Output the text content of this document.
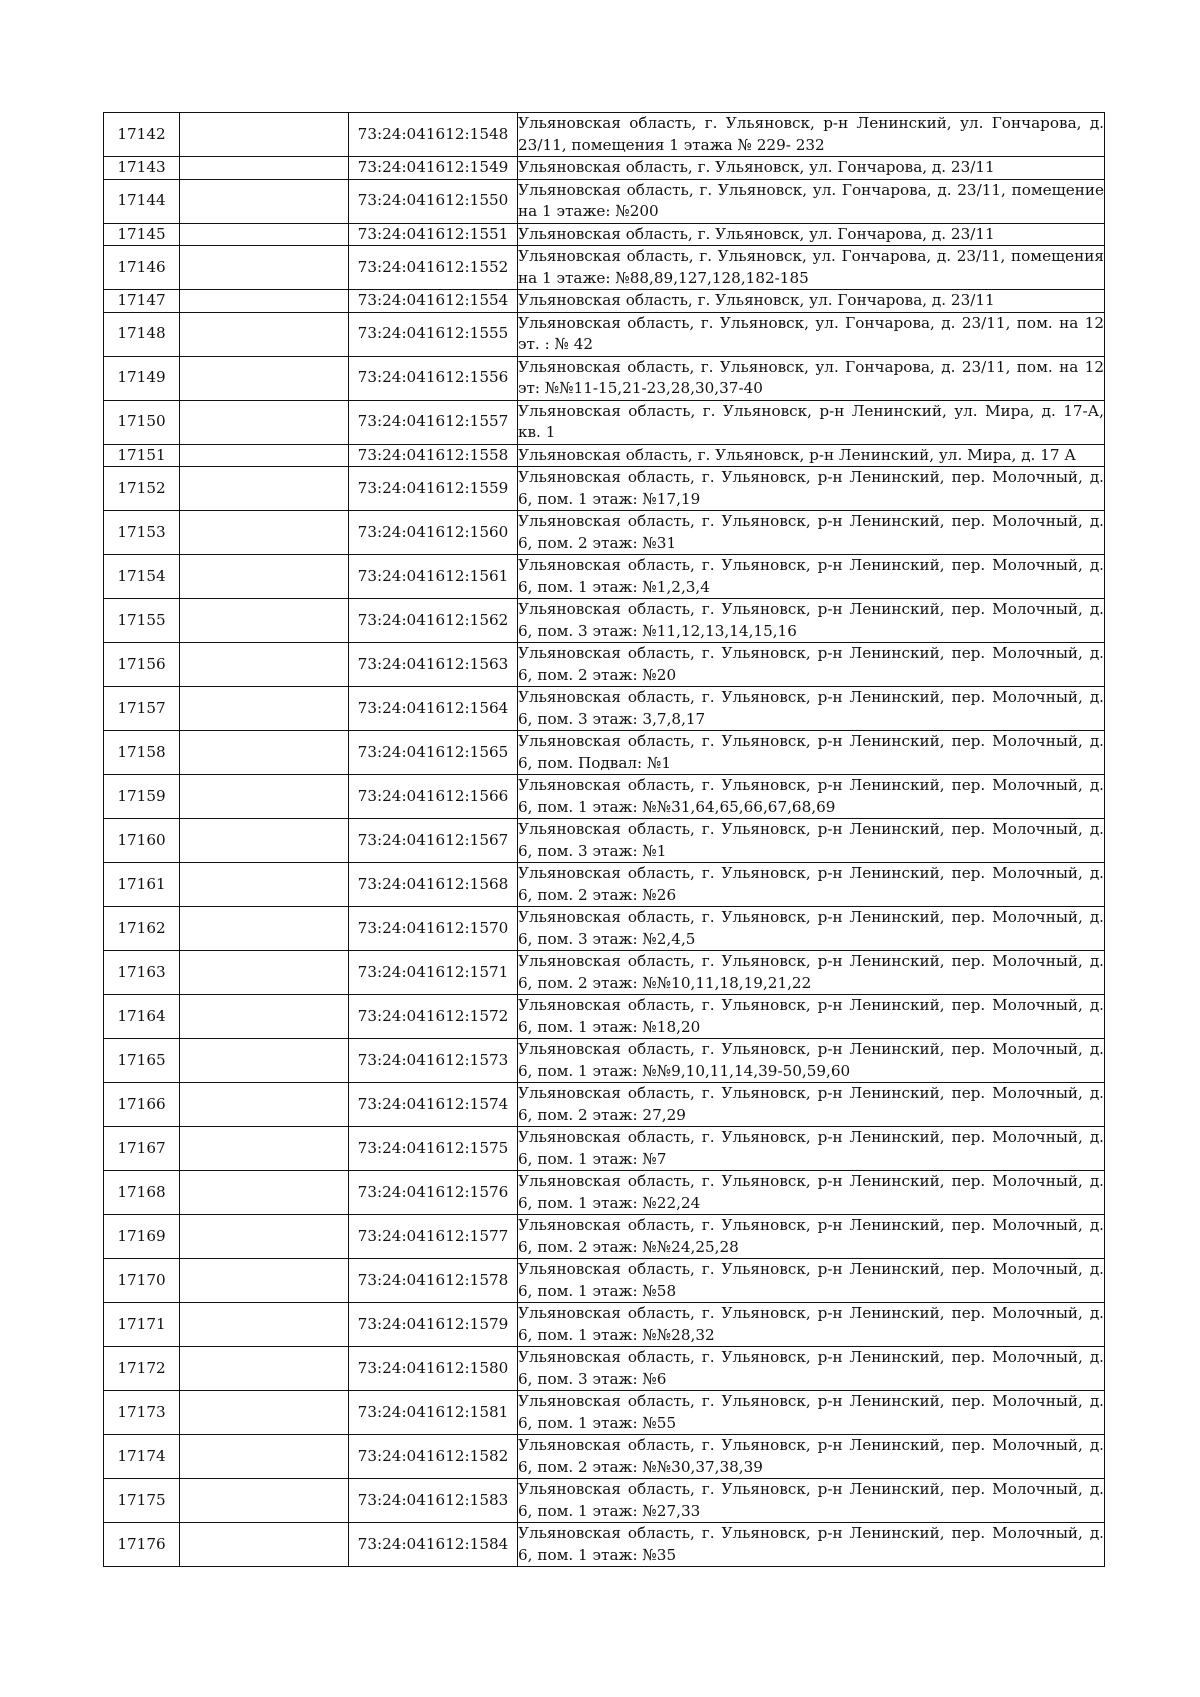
17142		73:24:041612:1548	Ульяновская область, г. Ульяновск, р-н Ленинский, ул. Гончарова, д. 23/11, помещения 1 этажа № 229- 232
17143		73:24:041612:1549	Ульяновская область, г. Ульяновск, ул. Гончарова, д. 23/11
17144		73:24:041612:1550	Ульяновская область, г. Ульяновск, ул. Гончарова, д. 23/11, помещение на 1 этаже: №200
17145		73:24:041612:1551	Ульяновская область, г. Ульяновск, ул. Гончарова, д. 23/11
17146		73:24:041612:1552	Ульяновская область, г. Ульяновск, ул. Гончарова, д. 23/11, помещения на 1 этаже: №88,89,127,128,182-185
17147		73:24:041612:1554	Ульяновская область, г. Ульяновск, ул. Гончарова, д. 23/11
17148		73:24:041612:1555	Ульяновская область, г. Ульяновск, ул. Гончарова, д. 23/11, пом. на 12 эт. : № 42
17149		73:24:041612:1556	Ульяновская область, г. Ульяновск, ул. Гончарова, д. 23/11, пом. на 12 эт: №№11-15,21-23,28,30,37-40
17150		73:24:041612:1557	Ульяновская область, г. Ульяновск, р-н Ленинский, ул. Мира, д. 17-А, кв. 1
17151		73:24:041612:1558	Ульяновская область, г. Ульяновск, р-н Ленинский, ул. Мира, д. 17 А
17152		73:24:041612:1559	Ульяновская область, г. Ульяновск, р-н Ленинский, пер. Молочный, д. 6, пом. 1 этаж: №17,19
17153		73:24:041612:1560	Ульяновская область, г. Ульяновск, р-н Ленинский, пер. Молочный, д. 6, пом. 2 этаж: №31
17154		73:24:041612:1561	Ульяновская область, г. Ульяновск, р-н Ленинский, пер. Молочный, д. 6, пом. 1 этаж: №1,2,3,4
17155		73:24:041612:1562	Ульяновская область, г. Ульяновск, р-н Ленинский, пер. Молочный, д. 6, пом. 3 этаж: №11,12,13,14,15,16
17156		73:24:041612:1563	Ульяновская область, г. Ульяновск, р-н Ленинский, пер. Молочный, д. 6, пом. 2 этаж: №20
17157		73:24:041612:1564	Ульяновская область, г. Ульяновск, р-н Ленинский, пер. Молочный, д. 6, пом. 3 этаж: 3,7,8,17
17158		73:24:041612:1565	Ульяновская область, г. Ульяновск, р-н Ленинский, пер. Молочный, д. 6, пом. Подвал: №1
17159		73:24:041612:1566	Ульяновская область, г. Ульяновск, р-н Ленинский, пер. Молочный, д. 6, пом. 1 этаж: №№31,64,65,66,67,68,69
17160		73:24:041612:1567	Ульяновская область, г. Ульяновск, р-н Ленинский, пер. Молочный, д. 6, пом. 3 этаж: №1
17161		73:24:041612:1568	Ульяновская область, г. Ульяновск, р-н Ленинский, пер. Молочный, д. 6, пом. 2 этаж: №26
17162		73:24:041612:1570	Ульяновская область, г. Ульяновск, р-н Ленинский, пер. Молочный, д. 6, пом. 3 этаж: №2,4,5
17163		73:24:041612:1571	Ульяновская область, г. Ульяновск, р-н Ленинский, пер. Молочный, д. 6, пом. 2 этаж: №№10,11,18,19,21,22
17164		73:24:041612:1572	Ульяновская область, г. Ульяновск, р-н Ленинский, пер. Молочный, д. 6, пом. 1 этаж: №18,20
17165		73:24:041612:1573	Ульяновская область, г. Ульяновск, р-н Ленинский, пер. Молочный, д. 6, пом. 1 этаж: №№9,10,11,14,39-50,59,60
17166		73:24:041612:1574	Ульяновская область, г. Ульяновск, р-н Ленинский, пер. Молочный, д. 6, пом. 2 этаж: 27,29
17167		73:24:041612:1575	Ульяновская область, г. Ульяновск, р-н Ленинский, пер. Молочный, д. 6, пом. 1 этаж: №7
17168		73:24:041612:1576	Ульяновская область, г. Ульяновск, р-н Ленинский, пер. Молочный, д. 6, пом. 1 этаж: №22,24
17169		73:24:041612:1577	Ульяновская область, г. Ульяновск, р-н Ленинский, пер. Молочный, д. 6, пом. 2 этаж: №№24,25,28
17170		73:24:041612:1578	Ульяновская область, г. Ульяновск, р-н Ленинский, пер. Молочный, д. 6, пом. 1 этаж: №58
17171		73:24:041612:1579	Ульяновская область, г. Ульяновск, р-н Ленинский, пер. Молочный, д. 6, пом. 1 этаж: №№28,32
17172		73:24:041612:1580	Ульяновская область, г. Ульяновск, р-н Ленинский, пер. Молочный, д. 6, пом. 3 этаж: №6
17173		73:24:041612:1581	Ульяновская область, г. Ульяновск, р-н Ленинский, пер. Молочный, д. 6, пом. 1 этаж: №55
17174		73:24:041612:1582	Ульяновская область, г. Ульяновск, р-н Ленинский, пер. Молочный, д. 6, пом. 2 этаж: №№30,37,38,39
17175		73:24:041612:1583	Ульяновская область, г. Ульяновск, р-н Ленинский, пер. Молочный, д. 6, пом. 1 этаж: №27,33
17176		73:24:041612:1584	Ульяновская область, г. Ульяновск, р-н Ленинский, пер. Молочный, д. 6, пом. 1 этаж: №35
